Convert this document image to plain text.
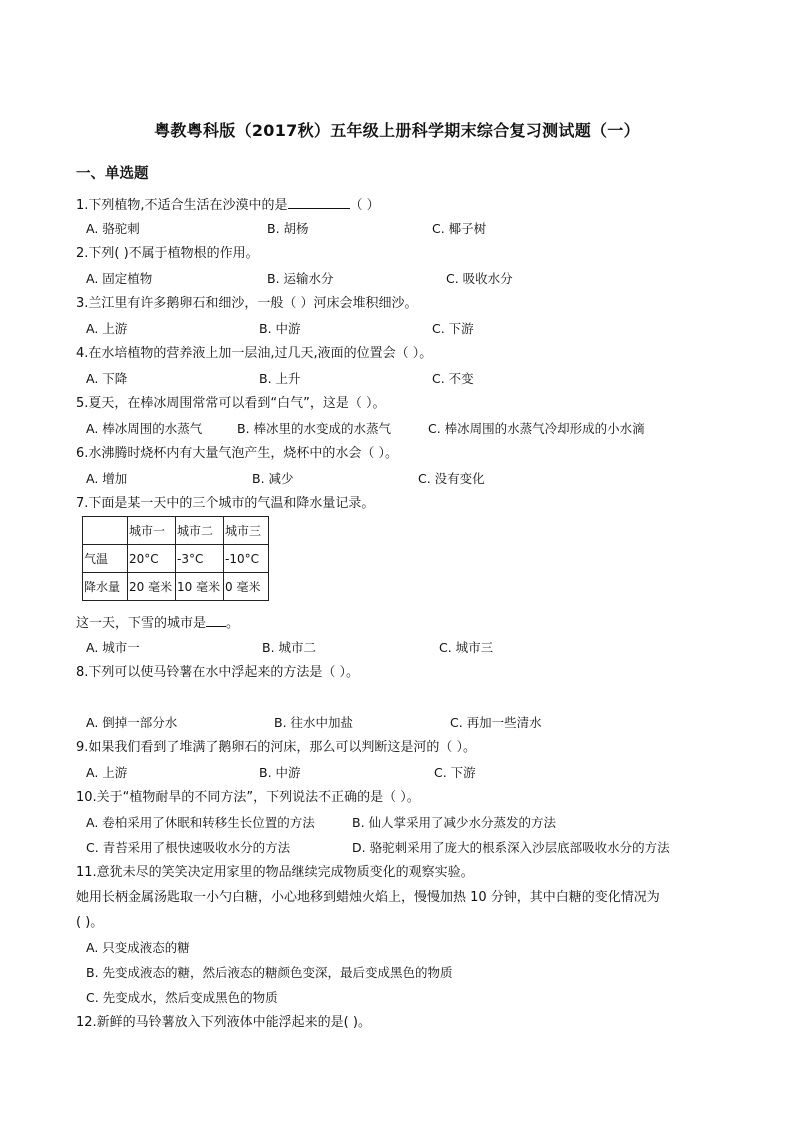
粤教粤科版（2017秋）五年级上册科学期末综合复习测试题（一）
一、单选题
1.下列植物,不适合生活在沙漠中的是	（ ）
A. 骆驼刺	B. 胡杨	C. 椰子树
2.下列( )不属于植物根的作用。
A. 固定植物	B. 运输水分	C. 吸收水分
3.兰江里有许多鹅卵石和细沙，一般（ ）河床会堆积细沙。
A. 上游	B. 中游	C. 下游
4.在水培植物的营养液上加一层油,过几天,液面的位置会（ ）。
A. 下降	B. 上升	C. 不变
5.夏天，在棒冰周围常常可以看到“白气”，这是（ ）。
A. 棒冰周围的水蒸气	B. 棒冰里的水变成的水蒸气	C. 棒冰周围的水蒸气冷却形成的小水滴
6.水沸腾时烧杯内有大量气泡产生，烧杯中的水会（ ）。
A. 增加	B. 减少	C. 没有变化
7.下面是某一天中的三个城市的气温和降水量记录。
	城市一	城市二	城市三
气温	20°C	-3°C	-10°C
降水量	20 毫米	10 毫米	0 毫米
这一天，下雪的城市是 。
A. 城市一	B. 城市二	C. 城市三
8.下列可以使马铃薯在水中浮起来的方法是（ ）。
A. 倒掉一部分水	B. 往水中加盐	C. 再加一些清水
9.如果我们看到了堆满了鹅卵石的河床，那么可以判断这是河的（ ）。
A. 上游	B. 中游	C. 下游
10.关于“植物耐旱的不同方法”，下列说法不正确的是（ ）。
A. 卷柏采用了休眠和转移生长位置的方法	B. 仙人掌采用了减少水分蒸发的方法
C. 青苔采用了根快速吸收水分的方法	D. 骆驼刺采用了庞大的根系深入沙层底部吸收水分的方法
11.意犹未尽的笑笑决定用家里的物品继续完成物质变化的观察实验。
她用长柄金属汤匙取一小勺白糖，小心地移到蜡烛火焰上，慢慢加热 10 分钟，其中白糖的变化情况为
( )。
A. 只变成液态的糖
B. 先变成液态的糖，然后液态的糖颜色变深，最后变成黑色的物质
C. 先变成水，然后变成黑色的物质
12.新鲜的马铃薯放入下列液体中能浮起来的是( )。
